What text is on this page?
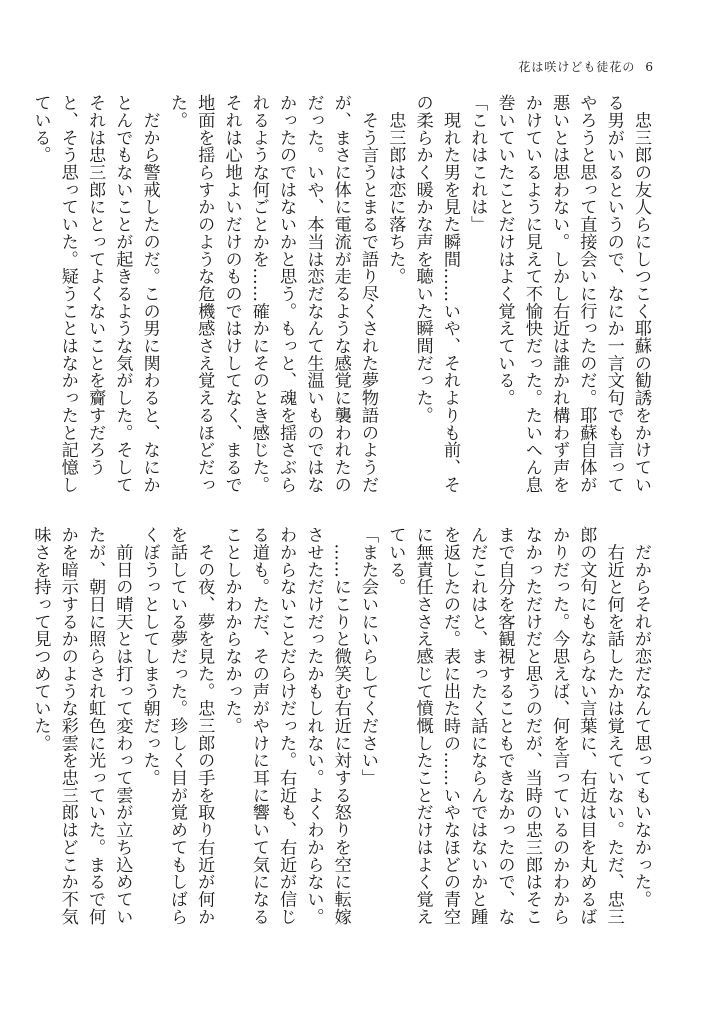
花は咲けども徒花の 6

　忠三郎の友人らにしつこく耶蘇の勧誘をかけている男がいるというので、なにか一言文句でも言ってやろうと思って直接会いに行ったのだ。耶蘇自体が悪いとは思わない。しかし右近は誰かれ構わず声をかけているように見えて不愉快だった。たいへん息巻いていたことだけはよく覚えている。

「これはこれは」

　現れた男を見た瞬間……いや、それよりも前、その柔らかく暖かな声を聴いた瞬間だった。

　忠三郎は恋に落ちた。

　そう言うとまるで語り尽くされた夢物語のようだが、まさに体に電流が走るような感覚に襲われたのだった。いや、本当は恋だなんて生温いものではなかったのではないかと思う。もっと、魂を揺さぶられるような何ごとかを……確かにそのとき感じた。それは心地よいだけのものではけしてなく、まるで地面を揺らすかのような危機感さえ覚えるほどだった。

　だから警戒したのだ。この男に関わると、なにかとんでもないことが起きるような気がした。そしてそれは忠三郎にとってよくないことを齎すだろうと、そう思っていた。疑うことはなかったと記憶している。

　だからそれが恋だなんて思ってもいなかった。

　右近と何を話したかは覚えていない。ただ、忠三郎の文句にもならない言葉に、右近は目を丸めるばかりだった。今思えば、何を言っているのかわからなかっただけだと思うのだが、当時の忠三郎はそこまで自分を客観視することもできなかったので、なんだこれはと、まったく話にならんではないかと踵を返したのだ。表に出た時の……いやなほどの青空に無責任ささえ感じて憤慨したことだけはよく覚えている。

「また会いにいらしてください」

　……にこりと微笑む右近に対する怒りを空に転嫁させただけだったかもしれない。よくわからない。わからないことだらけだった。右近も、右近が信じる道も。ただ、その声がやけに耳に響いて気になることしかわからなかった。

　その夜、夢を見た。忠三郎の手を取り右近が何かを話している夢だった。珍しく目が覚めてもしばらくぼうっとしてしまう朝だった。

　前日の晴天とは打って変わって雲が立ち込めていたが、朝日に照らされ虹色に光っていた。まるで何かを暗示するかのような彩雲を忠三郎はどこか不気味さを持って見つめていた。
